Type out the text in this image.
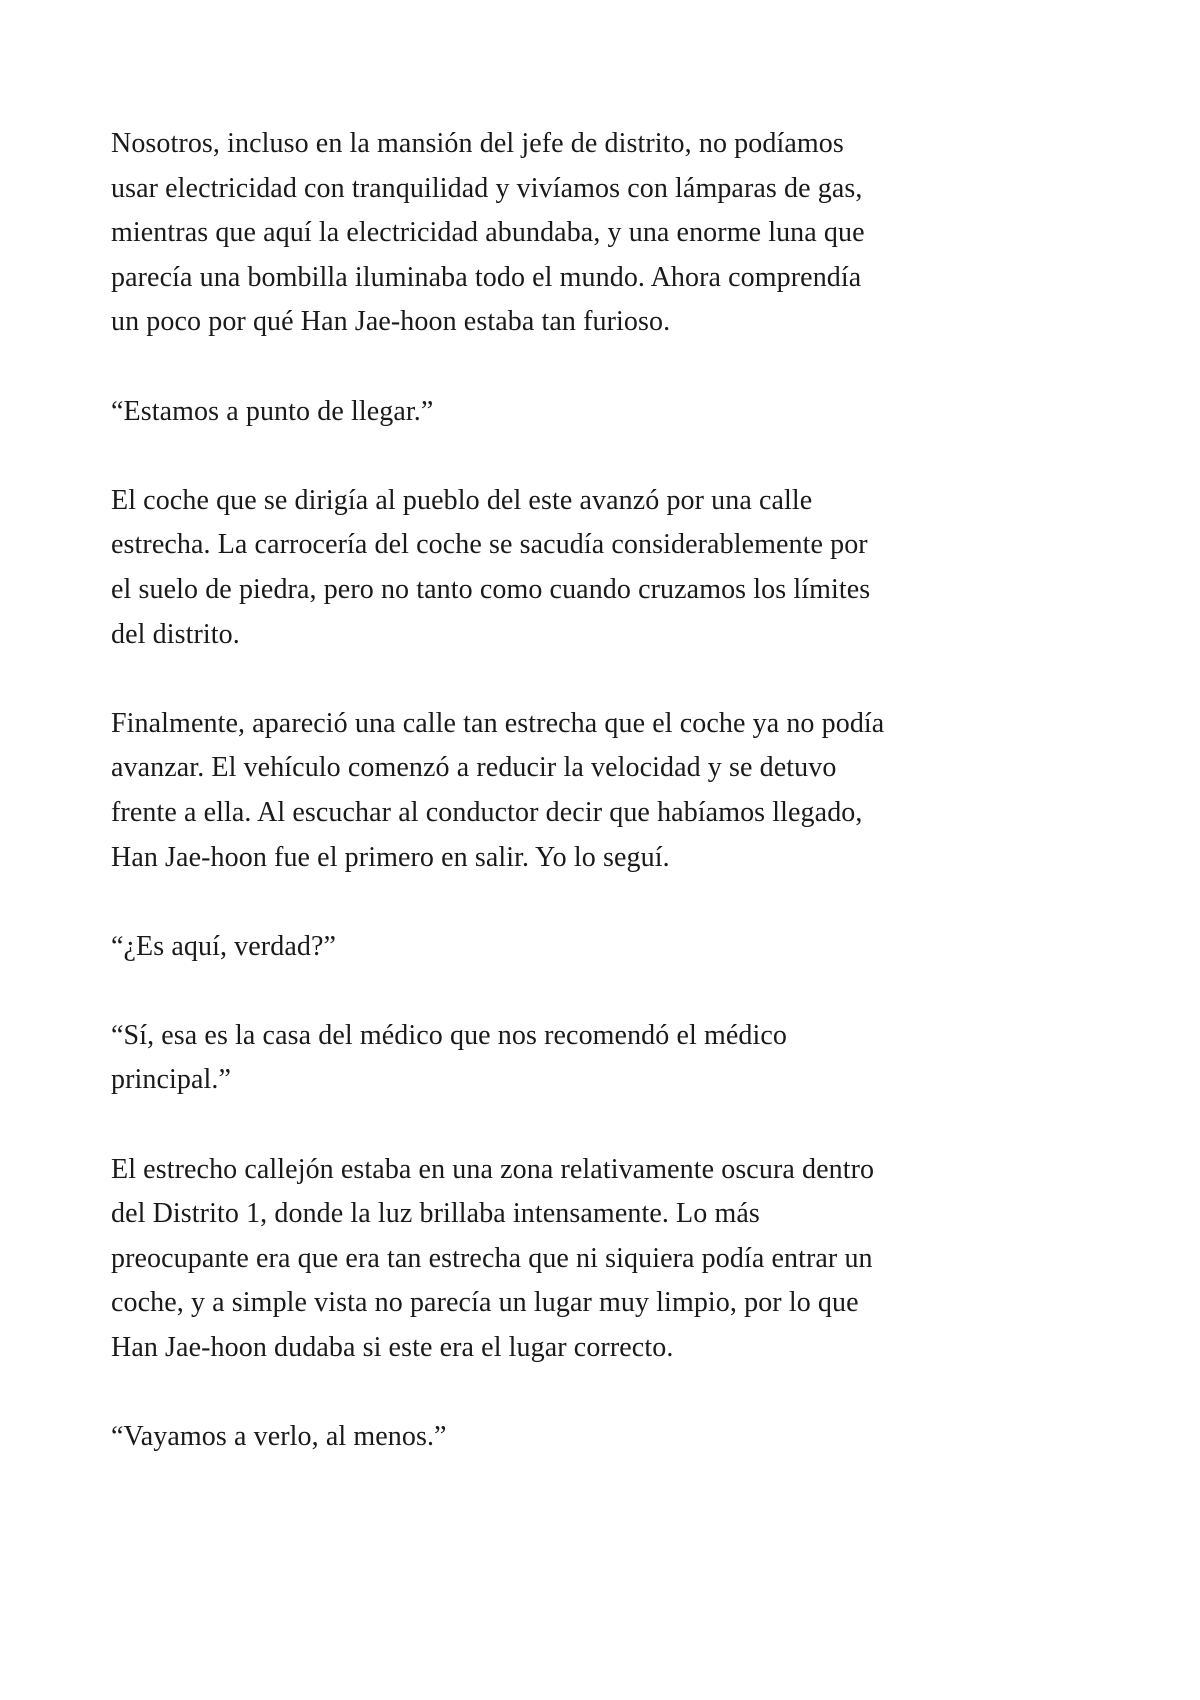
Nosotros, incluso en la mansión del jefe de distrito, no podíamos
usar electricidad con tranquilidad y vivíamos con lámparas de gas,
mientras que aquí la electricidad abundaba, y una enorme luna que
parecía una bombilla iluminaba todo el mundo. Ahora comprendía
un poco por qué Han Jae-hoon estaba tan furioso.

“Estamos a punto de llegar.”

El coche que se dirigía al pueblo del este avanzó por una calle
estrecha. La carrocería del coche se sacudía considerablemente por
el suelo de piedra, pero no tanto como cuando cruzamos los límites
del distrito.

Finalmente, apareció una calle tan estrecha que el coche ya no podía
avanzar. El vehículo comenzó a reducir la velocidad y se detuvo
frente a ella. Al escuchar al conductor decir que habíamos llegado,
Han Jae-hoon fue el primero en salir. Yo lo seguí.

“¿Es aquí, verdad?”

“Sí, esa es la casa del médico que nos recomendó el médico
principal.”

El estrecho callejón estaba en una zona relativamente oscura dentro
del Distrito 1, donde la luz brillaba intensamente. Lo más
preocupante era que era tan estrecha que ni siquiera podía entrar un
coche, y a simple vista no parecía un lugar muy limpio, por lo que
Han Jae-hoon dudaba si este era el lugar correcto.

“Vayamos a verlo, al menos.”
